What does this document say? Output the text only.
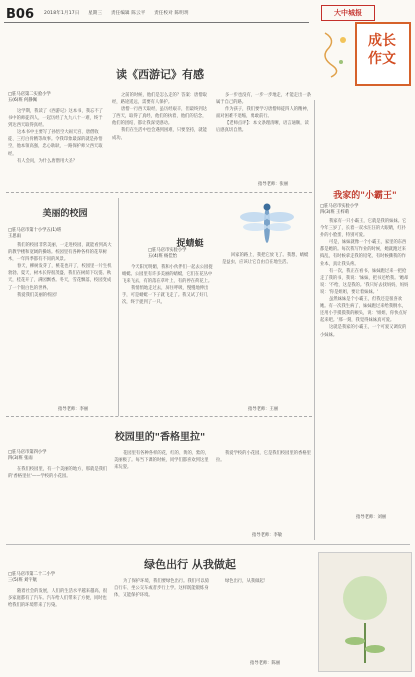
B06 2018年1月17日 星期三 责任编辑 陈云平 责任校对 陈明玥	大中城报
成长作文
读《西游记》有感
□驻马店第二实验小学
五(6)班 何静佩

这学期，我读了《西游记》这本书，我忘不了书中的师徒四人，一起历经了九九八十一难，终于到达西天取得真经。

这本书中主要写了孙悟空大闹天宫、唐僧收徒、三打白骨精等故事。令我印象最深的就是孙悟空，他本领高强，忠心耿耿，一路保护师父西天取经。

有人会问，为什么唐僧用大圣？

之前的时候，他们是怎么走的？答案：唐僧取经，路途遥远，需要有人保护。

唐僧一行西天取经，虽历经艰辛，但最终到达了西天，取得了真经，他们的执着，他们的信念，他们的团结，都让我深受感动。

我们在生活中也会遇到困难，只要坚持，就能成功。

多一步也没有，一步一步地走，才能走出一条属于自己的路。

作为孩子，我们要学习唐僧师徒四人的精神，面对困难不退缩，勇敢前行。

【老师点评】：本文条理清晰，语言通顺，读后感真切自然。

指导老师：张丽
我家的"小霸王"
□驻马店市实验小学
四(3)班 王梓萌

我家有一只小霸王，它就是我的妹妹。它今年三岁了，长着一双水汪汪的大眼睛，红扑扑的小脸蛋，特别可爱。

可是，妹妹就像一个小霸王，家里的东西都是她的。每次我写作业的时候，她就跑过来捣乱，有时候拿走我的铅笔，有时候撕我的作业本，真让我头疼。

有一次，我正在看书，妹妹跑过来一把抢走了我的书，我说：'妹妹，把书还给我。'她却说：'不给，这是我的。'我只好去找妈妈，妈妈说：'你是姐姐，要让着妹妹。'

虽然妹妹是个小霸王，但我还是很喜欢她。有一次我生病了，妹妹跑过来给我倒水，还用小手摸摸我的额头，说：'姐姐，你快点好起来吧。'那一刻，我觉得妹妹真可爱。

这就是我家的小霸王，一个可爱又调皮的小妹妹。

指导老师：刘丽
美丽的校园
□驻马店市第十小学五(1)班
王思雨

我们的校园非常美丽，一走进校园，就能看到高大的教学楼和宽阔的操场。校园里有各种各样的花草树木，一年四季都有不同的风景。

春天，柳树发芽了，桃花也开了，校园里一片生机勃勃。夏天，树木长得很茂盛，我们在树荫下玩耍。秋天，桂花开了，满园飘香。冬天，雪花飘落，校园变成了一个银白色的世界。

我爱我们美丽的校园！

指导老师：李丽
捉蜻蜓
□驻马店市实验小学
五(4)班 杨佳怡

今天阳光明媚，我和小伙伴们一起去公园捉蜻蜓。公园里有许多美丽的蜻蜓，它们在花丛中飞来飞去，有的落在草叶上，有的停在荷花上。

我悄悄地走过去，屏住呼吸，慢慢地伸出手，可是蜻蜓一下子就飞走了。我又试了好几次，终于捉到了一只。

回家的路上，我把它放飞了。我想，蜻蜓是益虫，应该让它自由自在地生活。

指导老师：王丽
校园里的"香格里拉"
□驻马店市第四小学
四(3)班 张雨

在我们校园里，有一个美丽的地方，那就是我们的'香格里拉'——学校的小花园。

花园里有各种各样的花，红的、黄的、紫的，美丽极了。每当下课的时候，同学们都喜欢到这里来玩耍。

我爱学校的小花园，它是我们校园里的香格里拉。

指导老师：李敏
绿色出行 从我做起
□驻马店市第二十二小学
三(5)班 刘宇航

随着社会的发展，人们的生活水平越来越高，很多家庭都有了汽车。汽车给人们带来了方便，同时也给我们的环境带来了污染。

为了保护环境，我们要绿色出行。我们可以骑自行车、坐公交车或者步行上学。这样既能锻炼身体，又能保护环境。

绿色出行，从我做起！

指导老师：陈丽
